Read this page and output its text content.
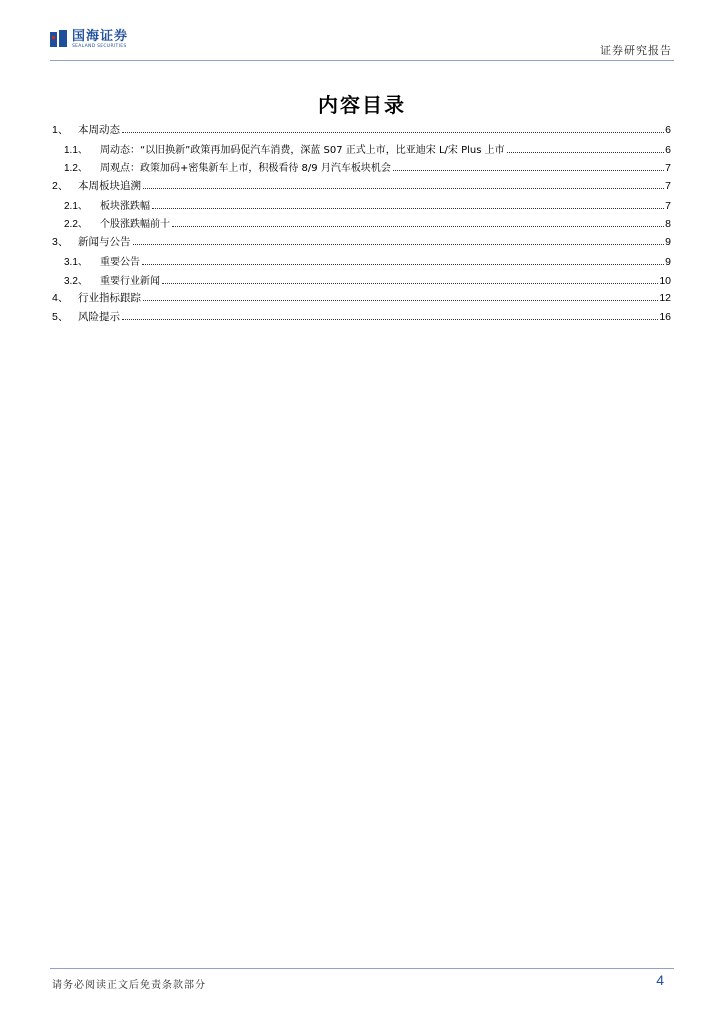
国海证券
SEALAND SECURITIES	证券研究报告
内容目录
1、 本周动态	6
1.1、	周动态：“以旧换新”政策再加码促汽车消费，深蓝 S07 正式上市，比亚迪宋 L/宋 Plus 上市	6
1.2、	周观点：政策加码+密集新车上市，积极看待 8/9 月汽车板块机会	7
2、 本周板块追溯	7
2.1、	板块涨跌幅	7
2.2、	个股涨跌幅前十	8
3、 新闻与公告	9
3.1、	重要公告	9
3.2、	重要行业新闻	10
4、 行业指标跟踪	12
5、 风险提示	16
请务必阅读正文后免责条款部分	4
